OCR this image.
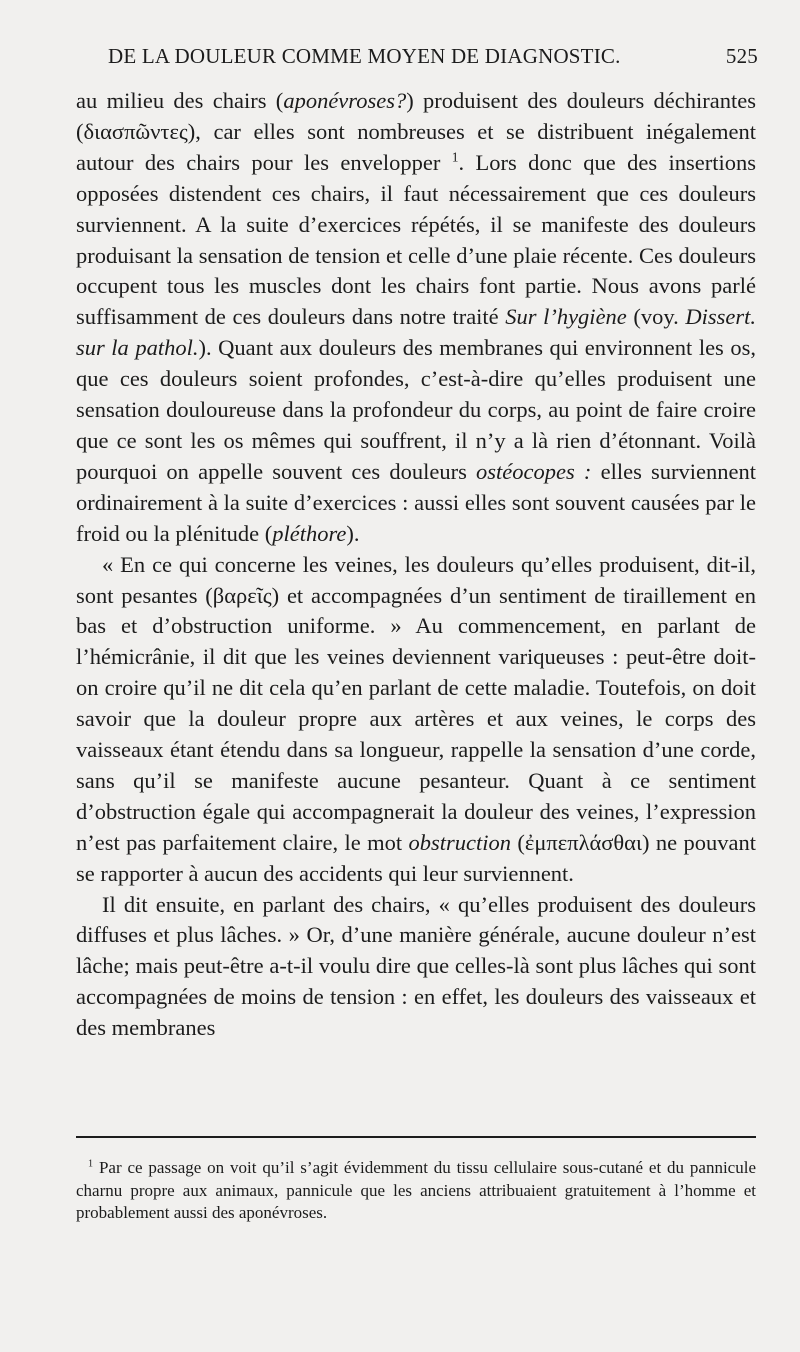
DE LA DOULEUR COMME MOYEN DE DIAGNOSTIC.	525

au milieu des chairs (aponévroses?) produisent des douleurs déchirantes (διασπῶντες), car elles sont nombreuses et se distribuent inégalement autour des chairs pour les envelopper $^1$. Lors donc que des insertions opposées distendent ces chairs, il faut nécessairement que ces douleurs surviennent. A la suite d’exercices répétés, il se manifeste des douleurs produisant la sensation de tension et celle d’une plaie récente. Ces douleurs occupent tous les muscles dont les chairs font partie. Nous avons parlé suffisamment de ces douleurs dans notre traité Sur l’hygiène (voy. Dissert. sur la pathol.). Quant aux douleurs des membranes qui environnent les os, que ces douleurs soient profondes, c’est-à-dire qu’elles produisent une sensation douloureuse dans la profondeur du corps, au point de faire croire que ce sont les os mêmes qui souffrent, il n’y a là rien d’étonnant. Voilà pourquoi on appelle souvent ces douleurs ostéocopes : elles surviennent ordinairement à la suite d’exercices : aussi elles sont souvent causées par le froid ou la plénitude (pléthore).

« En ce qui concerne les veines, les douleurs qu’elles produisent, dit-il, sont pesantes (βαρεῖς) et accompagnées d’un sentiment de tiraillement en bas et d’obstruction uniforme. » Au commencement, en parlant de l’hémicrânie, il dit que les veines deviennent variqueuses : peut-être doit-on croire qu’il ne dit cela qu’en parlant de cette maladie. Toutefois, on doit savoir que la douleur propre aux artères et aux veines, le corps des vaisseaux étant étendu dans sa longueur, rappelle la sensation d’une corde, sans qu’il se manifeste aucune pesanteur. Quant à ce sentiment d’obstruction égale qui accompagnerait la douleur des veines, l’expression n’est pas parfaitement claire, le mot obstruction (ἐμπεπλάσθαι) ne pouvant se rapporter à aucun des accidents qui leur surviennent.

Il dit ensuite, en parlant des chairs, « qu’elles produisent des douleurs diffuses et plus lâches. » Or, d’une manière générale, aucune douleur n’est lâche; mais peut-être a-t-il voulu dire que celles-là sont plus lâches qui sont accompagnées de moins de tension : en effet, les douleurs des vaisseaux et des membranes

$^1$ Par ce passage on voit qu’il s’agit évidemment du tissu cellulaire sous-cutané et du pannicule charnu propre aux animaux, pannicule que les anciens attribuaient gratuitement à l’homme et probablement aussi des aponévroses.
